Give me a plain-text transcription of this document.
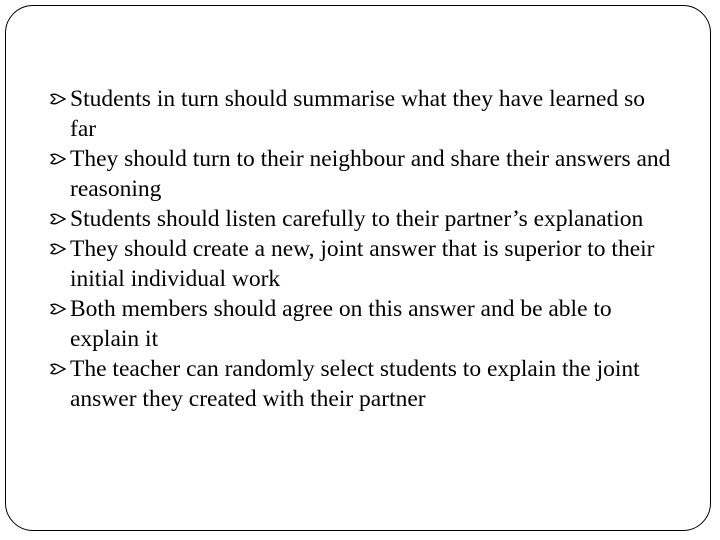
Students in turn should summarise what they have learned so far
They should turn to their neighbour and share their answers and reasoning
Students should listen carefully to their partner’s explanation
They should create a new, joint answer that is superior to their initial individual work
Both members should agree on this answer and be able to explain it
The teacher can randomly select students to explain the joint answer they created with their partner
